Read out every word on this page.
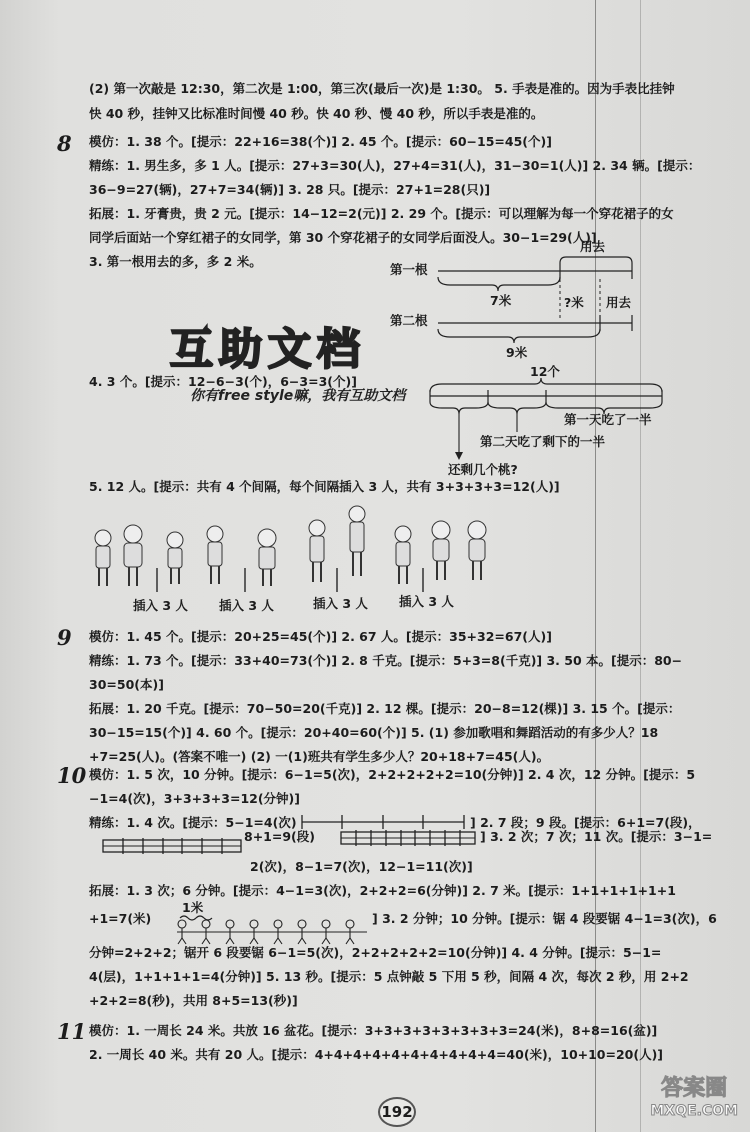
(2) 第一次敲是 12:30，第二次是 1:00，第三次(最后一次)是 1:30。 5. 手表是准的。因为手表比挂钟
快 40 秒，挂钟又比标准时间慢 40 秒。快 40 秒、慢 40 秒，所以手表是准的。
8 模仿：1. 38 个。[提示：22+16=38(个)] 2. 45 个。[提示：60−15=45(个)]
精练：1. 男生多，多 1 人。[提示：27+3=30(人)，27+4=31(人)，31−30=1(人)] 2. 34 辆。[提示：
36−9=27(辆)，27+7=34(辆)] 3. 28 只。[提示：27+1=28(只)]
拓展：1. 牙膏贵，贵 2 元。[提示：14−12=2(元)] 2. 29 个。[提示：可以理解为每一个穿花裙子的女
同学后面站一个穿红裙子的女同学，第 30 个穿花裙子的女同学后面没人。30−1=29(人)]
3. 第一根用去的多，多 2 米。
用去
第一根
7米	?米 用去
第二根
9米
互助文档
你有free style嘛，我有互助文档
4. 3 个。[提示：12−6−3(个)，6−3=3(个)]
12个
第一天吃了一半
第二天吃了剩下的一半
还剩几个桃?
5. 12 人。[提示：共有 4 个间隔，每个间隔插入 3 人，共有 3+3+3+3=12(人)]
插入 3 人 插入 3 人	插入 3 人 插入 3 人
9 模仿：1. 45 个。[提示：20+25=45(个)] 2. 67 人。[提示：35+32=67(人)]
精练：1. 73 个。[提示：33+40=73(个)] 2. 8 千克。[提示：5+3=8(千克)] 3. 50 本。[提示：80−
30=50(本)]
拓展：1. 20 千克。[提示：70−50=20(千克)] 2. 12 棵。[提示：20−8=12(棵)] 3. 15 个。[提示：
30−15=15(个)] 4. 60 个。[提示：20+40=60(个)] 5. (1) 参加歌唱和舞蹈活动的有多少人？18
+7=25(人)。(答案不唯一) (2) 一(1)班共有学生多少人？20+18+7=45(人)。
10 模仿：1. 5 次，10 分钟。[提示：6−1=5(次)，2+2+2+2+2=10(分钟)] 2. 4 次，12 分钟。[提示：5
−1=4(次)，3+3+3+3=12(分钟)]
精练：1. 4 次。[提示：5−1=4(次)	] 2. 7 段；9 段。[提示：6+1=7(段)，
8+1=9(段)	] 3. 2 次；7 次；11 次。[提示：3−1=
2(次)，8−1=7(次)，12−1=11(次)]
拓展：1. 3 次；6 分钟。[提示：4−1=3(次)，2+2+2=6(分钟)] 2. 7 米。[提示：1+1+1+1+1+1
+1=7(米)
1米
] 3. 2 分钟；10 分钟。[提示：锯 4 段要锯 4−1=3(次)，6
分钟=2+2+2；锯开 6 段要锯 6−1=5(次)，2+2+2+2+2=10(分钟)] 4. 4 分钟。[提示：5−1=
4(层)，1+1+1+1=4(分钟)] 5. 13 秒。[提示：5 点钟敲 5 下用 5 秒，间隔 4 次，每次 2 秒，用 2+2
+2+2=8(秒)，共用 8+5=13(秒)]
11 模仿：1. 一周长 24 米。共放 16 盆花。[提示：3+3+3+3+3+3+3+3=24(米)，8+8=16(盆)]
2. 一周长 40 米。共有 20 人。[提示：4+4+4+4+4+4+4+4+4+4=40(米)，10+10=20(人)]
192
答案圈
MXQE.COM
